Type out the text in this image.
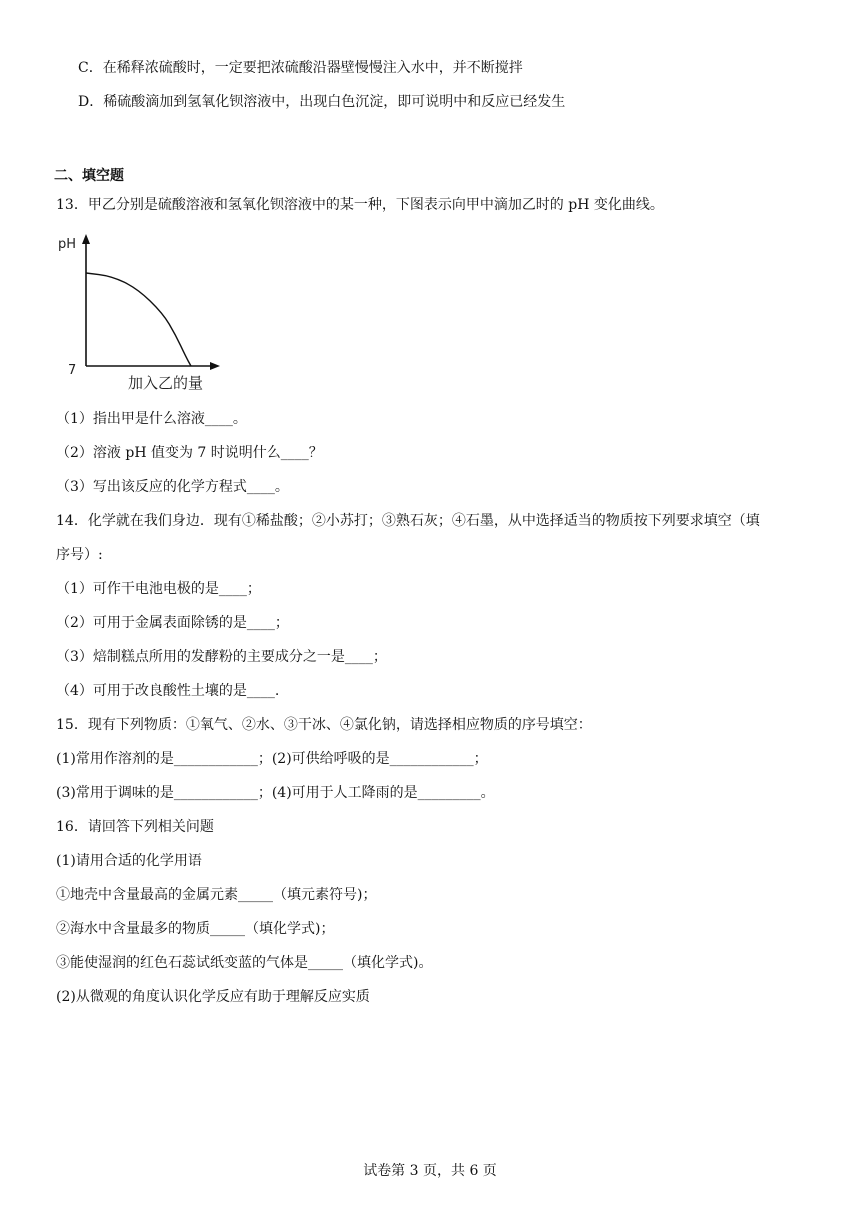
C．在稀释浓硫酸时，一定要把浓硫酸沿器壁慢慢注入水中，并不断搅拌
D．稀硫酸滴加到氢氧化钡溶液中，出现白色沉淀，即可说明中和反应已经发生
二、填空题
13．甲乙分别是硫酸溶液和氢氧化钡溶液中的某一种，下图表示向甲中滴加乙时的 pH 变化曲线。
pH
7
加入乙的量
（1）指出甲是什么溶液____。
（2）溶液 pH 值变为 7 时说明什么____？
（3）写出该反应的化学方程式____。
14．化学就在我们身边．现有①稀盐酸；②小苏打；③熟石灰；④石墨，从中选择适当的物质按下列要求填空（填
序号）:
（1）可作干电池电极的是____；
（2）可用于金属表面除锈的是____；
（3）焙制糕点所用的发酵粉的主要成分之一是____；
（4）可用于改良酸性土壤的是____.
15．现有下列物质：①氧气、②水、③干冰、④氯化钠，请选择相应物质的序号填空：
(1)常用作溶剂的是____________；(2)可供给呼吸的是____________；
(3)常用于调味的是____________；(4)可用于人工降雨的是_________。
16．请回答下列相关问题
(1)请用合适的化学用语
①地壳中含量最高的金属元素_____（填元素符号)；
②海水中含量最多的物质_____（填化学式)；
③能使湿润的红色石蕊试纸变蓝的气体是_____（填化学式)。
(2)从微观的角度认识化学反应有助于理解反应实质
试卷第 3 页，共 6 页
